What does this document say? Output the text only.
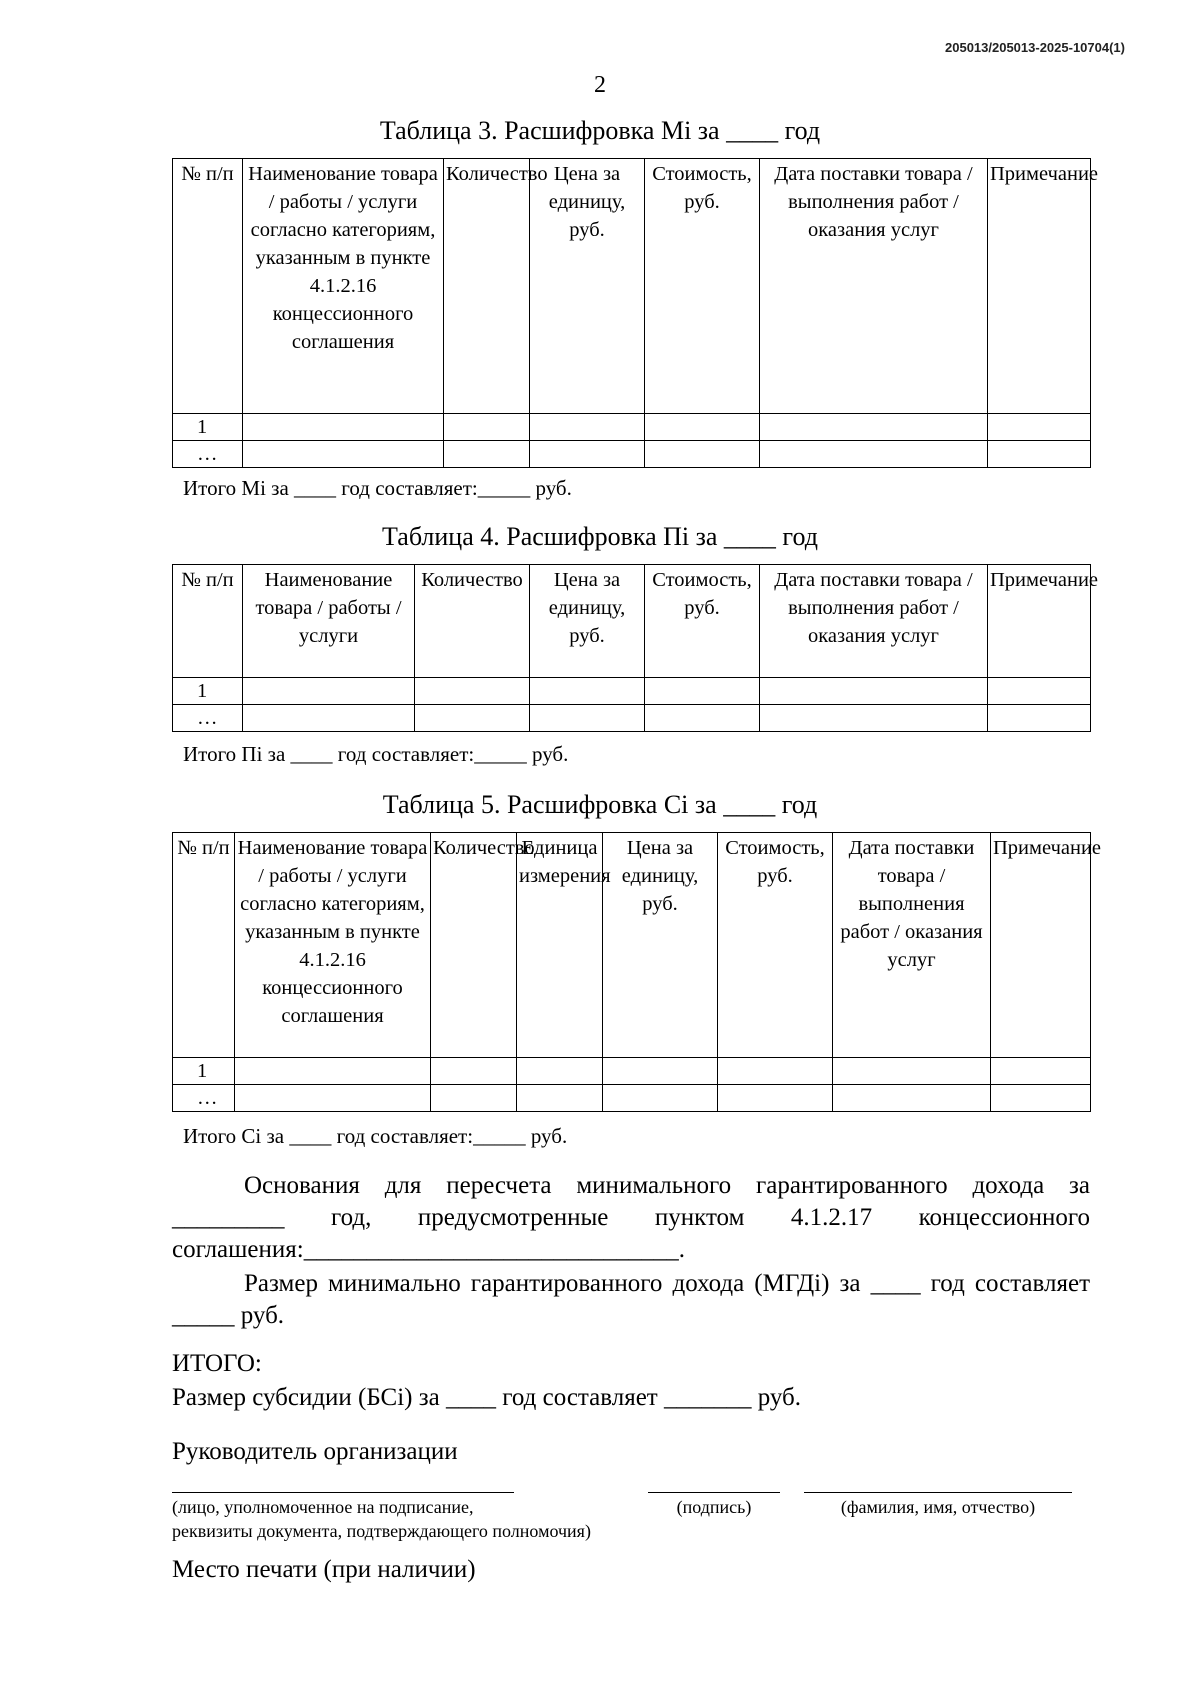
205013/205013-2025-10704(1)
2
Таблица 3. Расшифровка Mi за ____ год
№ п/п	Наименование товара / работы / услуги согласно категориям, указанным в пункте 4.1.2.16 концессионного соглашения	Количество	Цена за единицу, руб.	Стоимость, руб.	Дата поставки товара / выполнения работ / оказания услуг	Примечание
1						
…						
Итого Mi за ____ год составляет:_____ руб.
Таблица 4. Расшифровка Пi за ____ год
№ п/п	Наименование товара / работы / услуги	Количество	Цена за единицу, руб.	Стоимость, руб.	Дата поставки товара / выполнения работ / оказания услуг	Примечание
1						
…						
Итого Пi за ____ год составляет:_____ руб.
Таблица 5. Расшифровка Сi за ____ год
№ п/п	Наименование товара / работы / услуги согласно категориям, указанным в пункте 4.1.2.16 концессионного соглашения	Количество	Единица измерения	Цена за единицу, руб.	Стоимость, руб.	Дата поставки товара / выполнения работ / оказания услуг	Примечание
1							
…							
Итого Сi за ____ год составляет:_____ руб.
Основания для пересчета минимального гарантированного дохода за _________ год, предусмотренные пунктом 4.1.2.17 концессионного соглашения:______________________________.
Размер минимально гарантированного дохода (МГДi) за ____ год составляет _____ руб.
ИТОГО:
Размер субсидии (БСi) за ____ год составляет _______ руб.
Руководитель организации
(лицо, уполномоченное на подписание,
реквизиты документа, подтверждающего полномочия)
(подпись)	(фамилия, имя, отчество)
Место печати (при наличии)
